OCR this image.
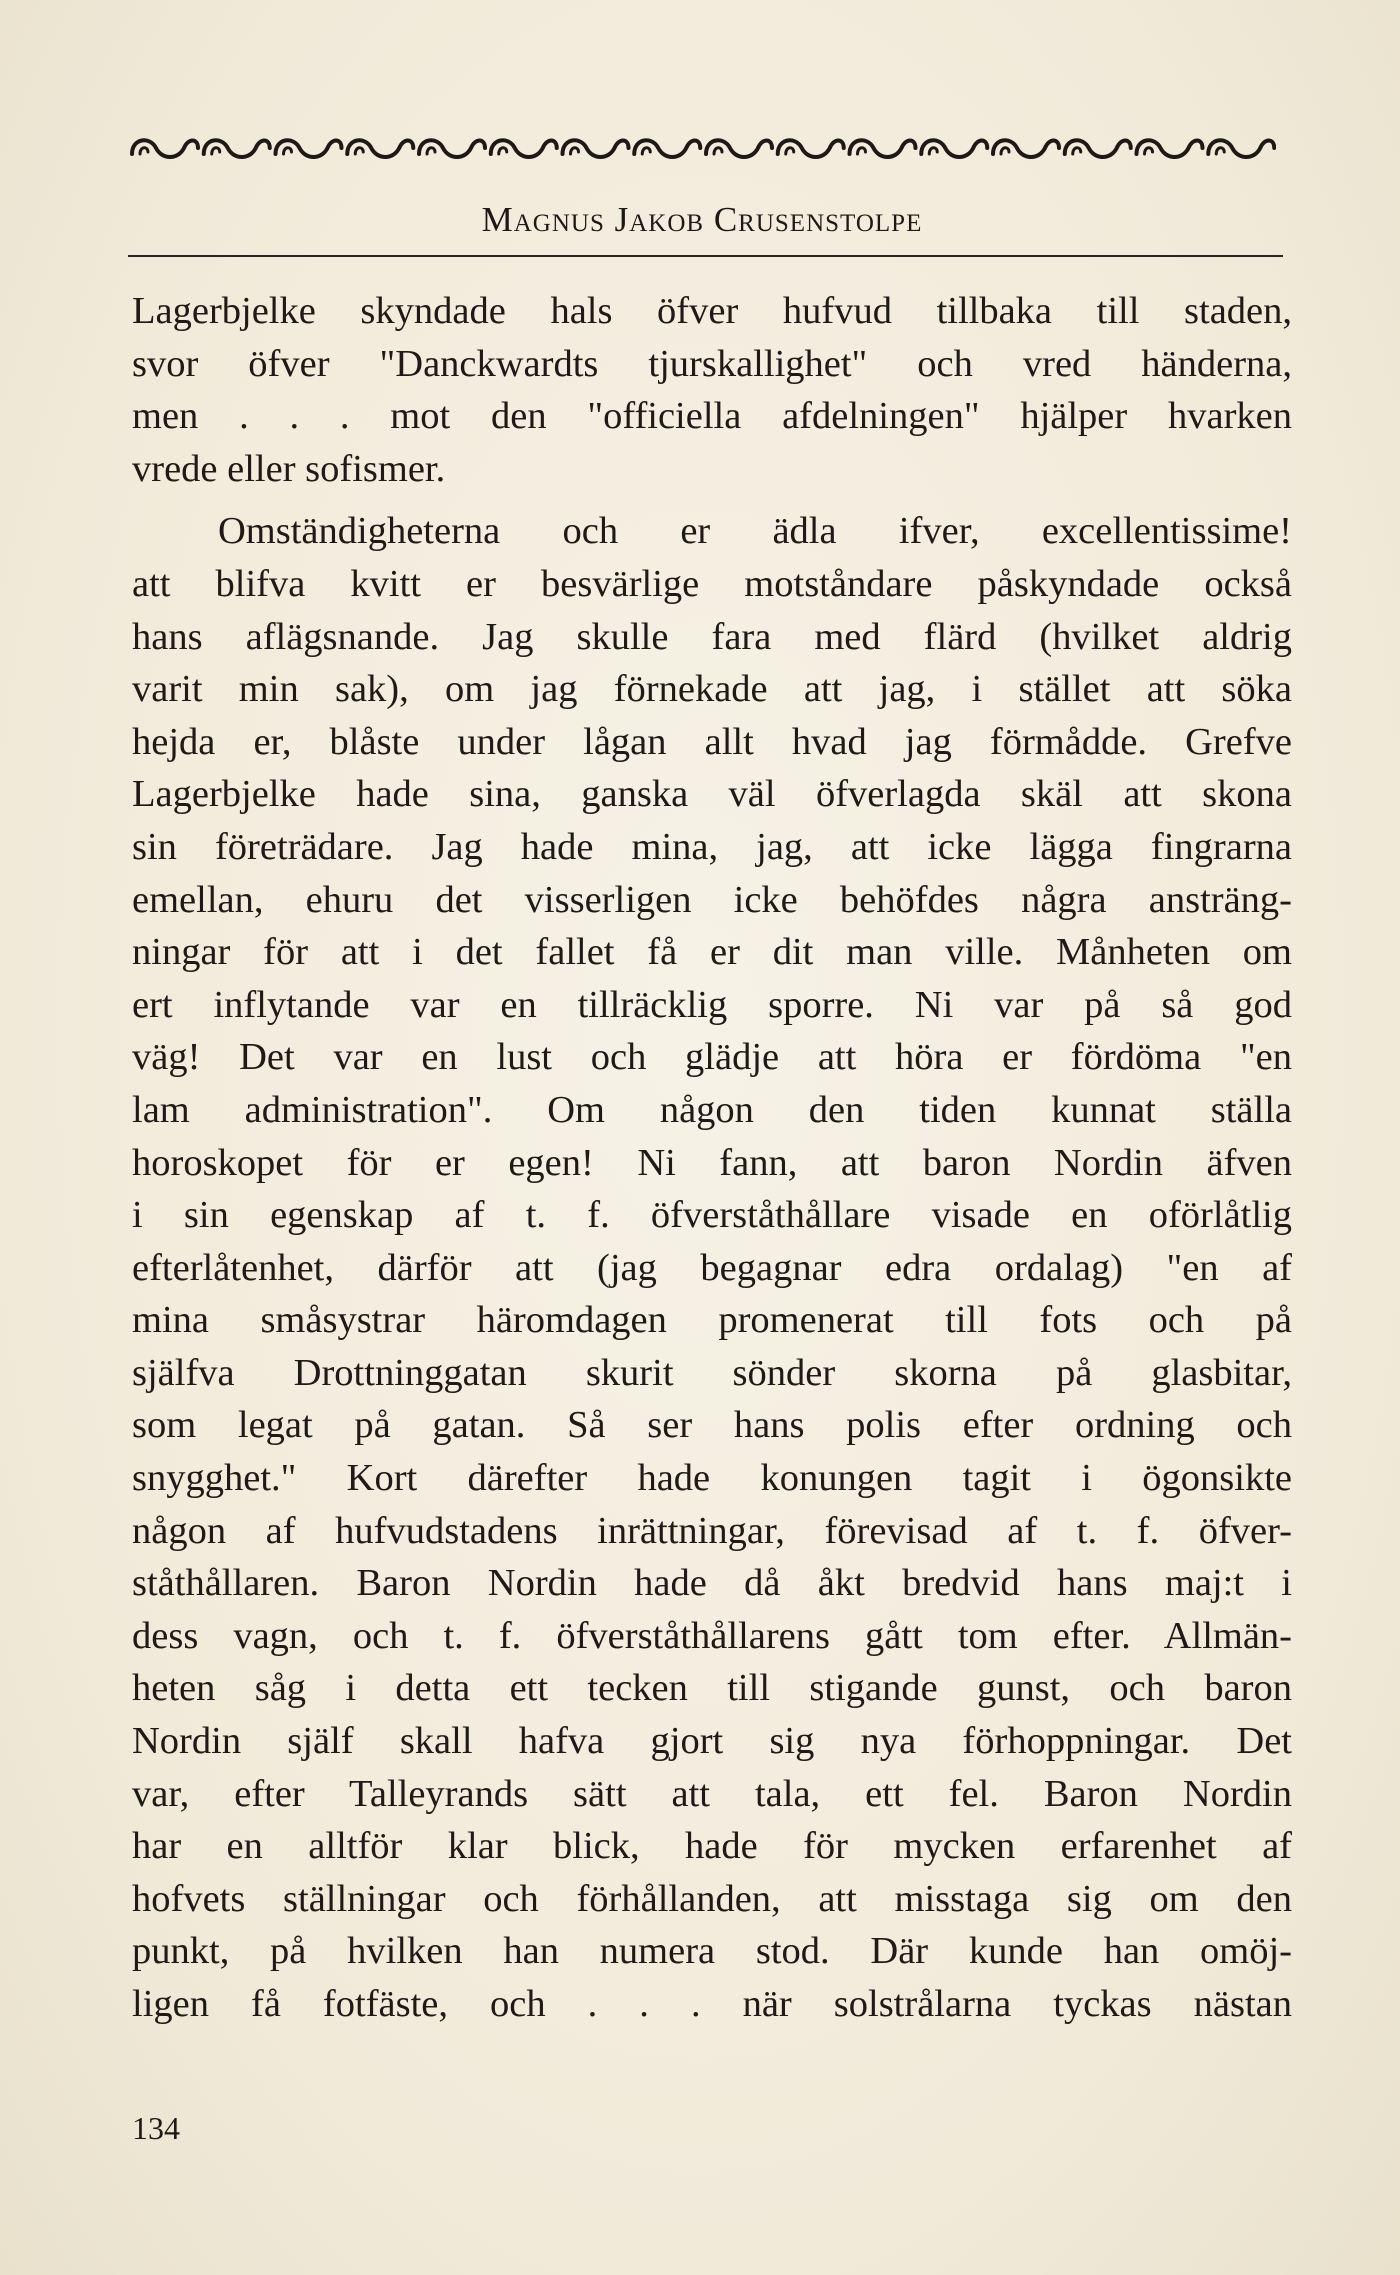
Magnus Jakob Crusenstolpe
Lagerbjelke skyndade hals öfver hufvud tillbaka till staden,
svor öfver "Danckwardts tjurskallighet" och vred händerna,
men . . . mot den "officiella afdelningen" hjälper hvarken
vrede eller sofismer.
Omständigheterna och er ädla ifver, excellentissime!
att blifva kvitt er besvärlige motståndare påskyndade också
hans aflägsnande. Jag skulle fara med flärd (hvilket aldrig
varit min sak), om jag förnekade att jag, i stället att söka
hejda er, blåste under lågan allt hvad jag förmådde. Grefve
Lagerbjelke hade sina, ganska väl öfverlagda skäl att skona
sin företrädare. Jag hade mina, jag, att icke lägga fingrarna
emellan, ehuru det visserligen icke behöfdes några ansträng-
ningar för att i det fallet få er dit man ville. Månheten om
ert inflytande var en tillräcklig sporre. Ni var på så god
väg! Det var en lust och glädje att höra er fördöma "en
lam administration". Om någon den tiden kunnat ställa
horoskopet för er egen! Ni fann, att baron Nordin äfven
i sin egenskap af t. f. öfverståthållare visade en oförlåtlig
efterlåtenhet, därför att (jag begagnar edra ordalag) "en af
mina småsystrar häromdagen promenerat till fots och på
själfva Drottninggatan skurit sönder skorna på glasbitar,
som legat på gatan. Så ser hans polis efter ordning och
snygghet." Kort därefter hade konungen tagit i ögonsikte
någon af hufvudstadens inrättningar, förevisad af t. f. öfver-
ståthållaren. Baron Nordin hade då åkt bredvid hans maj:t i
dess vagn, och t. f. öfverståthållarens gått tom efter. Allmän-
heten såg i detta ett tecken till stigande gunst, och baron
Nordin själf skall hafva gjort sig nya förhoppningar. Det
var, efter Talleyrands sätt att tala, ett fel. Baron Nordin
har en alltför klar blick, hade för mycken erfarenhet af
hofvets ställningar och förhållanden, att misstaga sig om den
punkt, på hvilken han numera stod. Där kunde han omöj-
ligen få fotfäste, och . . . när solstrålarna tyckas nästan
134
